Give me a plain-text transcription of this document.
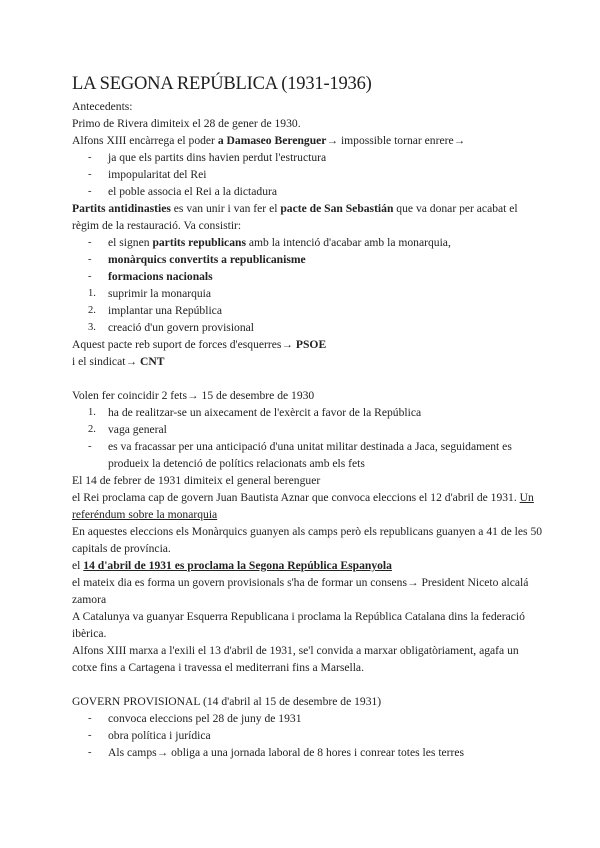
LA SEGONA REPÚBLICA (1931-1936)

Antecedents:

Primo de Rivera dimiteix el 28 de gener de 1930.

Alfons XIII encàrrega el poder a Damaseo Berenguer→ impossible tornar enrere→

-	ja que els partits dins havien perdut l'estructura
-	impopularitat del Rei
-	el poble associa el Rei a la dictadura

Partits antidinasties es van unir i van fer el pacte de San Sebastián que va donar per acabat el règim de la restauració. Va consistir:

-	el signen partits republicans amb la intenció d'acabar amb la monarquia,
-	monàrquics convertits a republicanisme
-	formacions nacionals
1.	suprimir la monarquia
2.	implantar una República
3.	creació d'un govern provisional

Aquest pacte reb suport de forces d'esquerres→ PSOE

i el sindicat→ CNT

Volen fer coincidir 2 fets→ 15 de desembre de 1930

1.	ha de realitzar-se un aixecament de l'exèrcit a favor de la República
2.	vaga general
-	es va fracassar per una anticipació d'una unitat militar destinada a Jaca, seguidament es produeix la detenció de polítics relacionats amb els fets

El 14 de febrer de 1931 dimiteix el general berenguer

el Rei proclama cap de govern Juan Bautista Aznar que convoca eleccions el 12 d'abril de 1931. Un referéndum sobre la monarquia

En aquestes eleccions els Monàrquics guanyen als camps però els republicans guanyen a 41 de les 50 capitals de província.

el 14 d'abril de 1931 es proclama la Segona República Espanyola

el mateix dia es forma un govern provisionals s'ha de formar un consens→ President Niceto alcalá zamora

A Catalunya va guanyar Esquerra Republicana i proclama la República Catalana dins la federació ibèrica.

Alfons XIII marxa a l'exili el 13 d'abril de 1931, se'l convida a marxar obligatòriament, agafa un cotxe fins a Cartagena i travessa el mediterrani fins a Marsella.

GOVERN PROVISIONAL (14 d'abril al 15 de desembre de 1931)

-	convoca eleccions pel 28 de juny de 1931
-	obra política i jurídica
-	Als camps→ obliga a una jornada laboral de 8 hores i conrear totes les terres
